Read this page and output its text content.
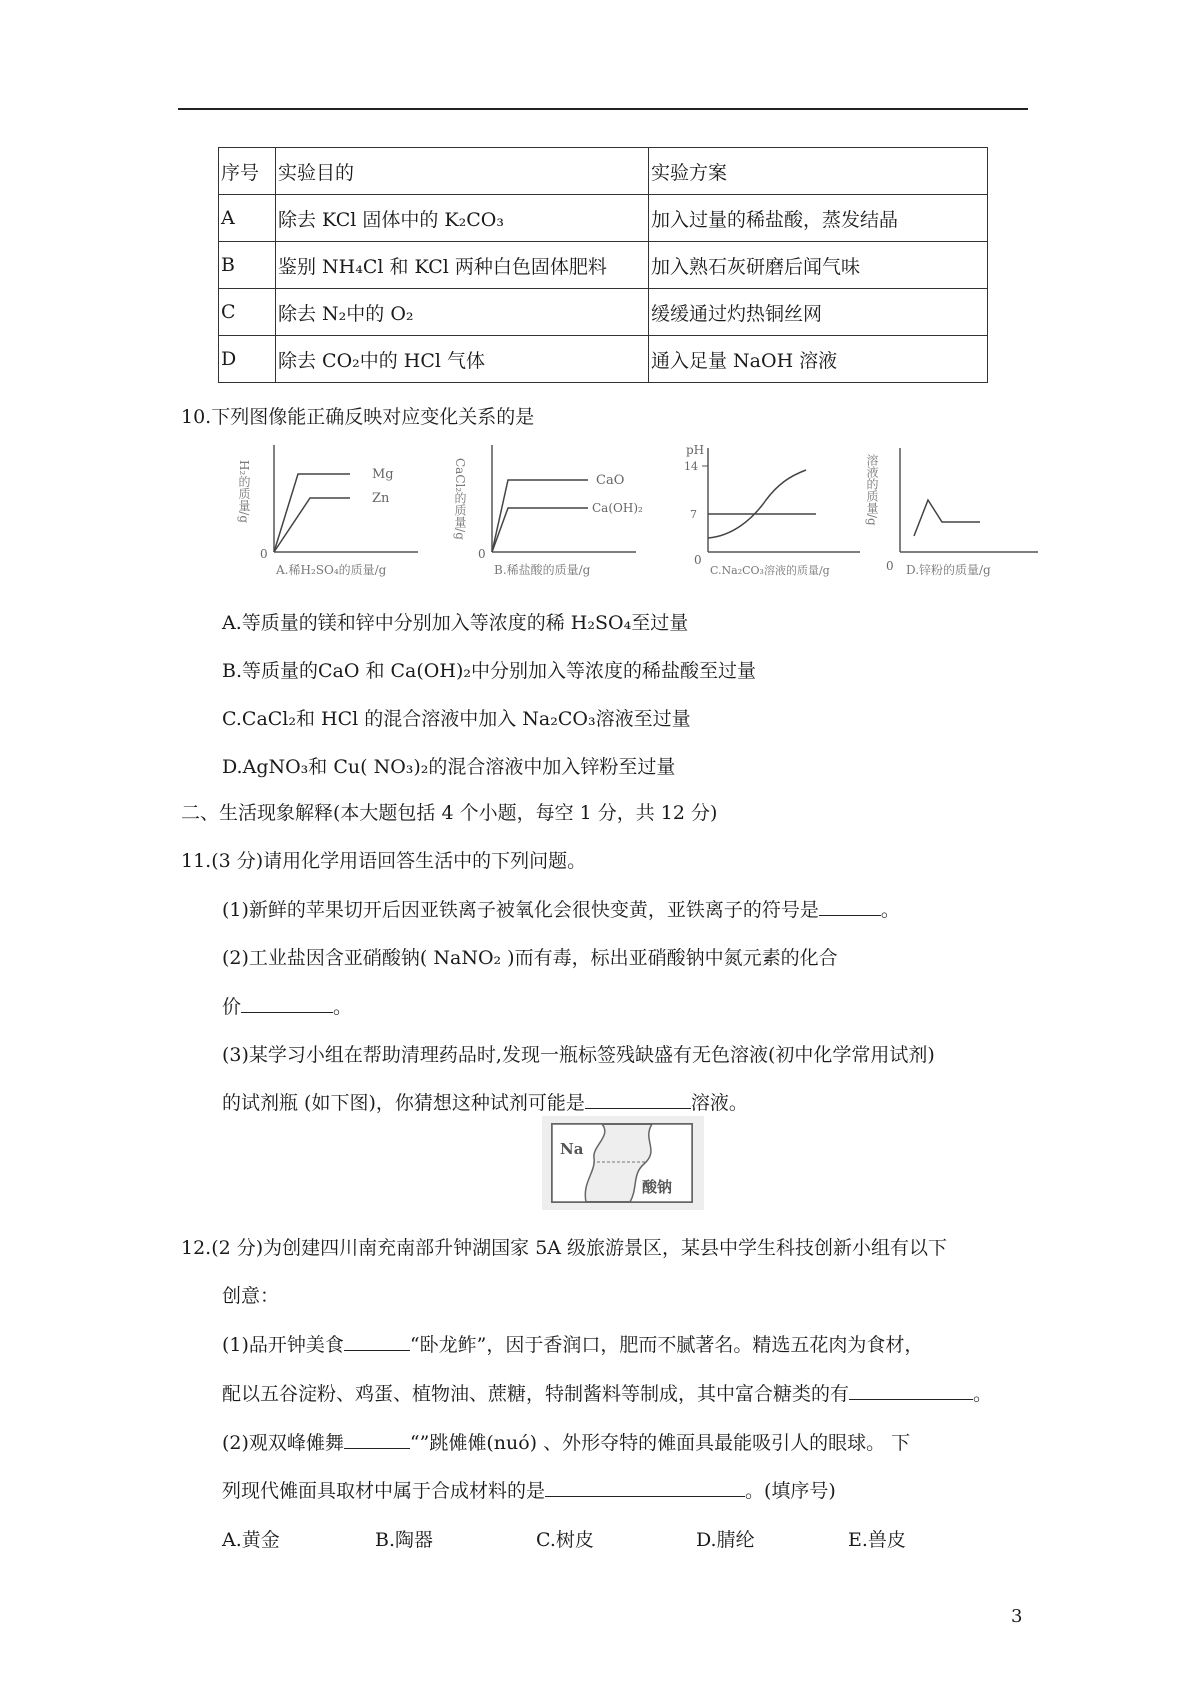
序号	实验目的	实验方案
A	除去 KCl 固体中的 K₂CO₃	加入过量的稀盐酸，蒸发结晶
B	鉴别 NH₄Cl 和 KCl 两种白色固体肥料	加入熟石灰研磨后闻气味
C	除去 N₂中的 O₂	缓缓通过灼热铜丝网
D	除去 CO₂中的 HCl 气体	通入足量 NaOH 溶液
10.下列图像能正确反映对应变化关系的是
H₂的质量/g
0
Mg
Zn
A.稀H₂SO₄的质量/g
CaCl₂的质量/g
0
CaO
Ca(OH)₂
B.稀盐酸的质量/g
pH
14
7
0
C.Na₂CO₃溶液的质量/g
溶液的质量/g
0 D.锌粉的质量/g
A.等质量的镁和锌中分别加入等浓度的稀 H₂SO₄至过量
B.等质量的CaO 和 Ca(OH)₂中分别加入等浓度的稀盐酸至过量
C.CaCl₂和 HCl 的混合溶液中加入 Na₂CO₃溶液至过量
D.AgNO₃和 Cu( NO₃)₂的混合溶液中加入锌粉至过量
二、生活现象解释(本大题包括 4 个小题，每空 1 分，共 12 分)
11.(3 分)请用化学用语回答生活中的下列问题。
(1)新鲜的苹果切开后因亚铁离子被氧化会很快变黄，亚铁离子的符号是	。
(2)工业盐因含亚硝酸钠( NaNO₂ )而有毒，标出亚硝酸钠中氮元素的化合
价	。
(3)某学习小组在帮助清理药品时,发现一瓶标签残缺盛有无色溶液(初中化学常用试剂)
的试剂瓶 (如下图)，你猜想这种试剂可能是	溶液。
Na
酸钠
12.(2 分)为创建四川南充南部升钟湖国家 5A 级旅游景区，某县中学生科技创新小组有以下
创意：
(1)品开钟美食	“卧龙鲊”，因于香润口，肥而不腻著名。精选五花肉为食材，
配以五谷淀粉、鸡蛋、植物油、蔗糖，特制酱料等制成，其中富合糖类的有	。
(2)观双峰傩舞	“”跳傩傩(nuó) 、外形夺特的傩面具最能吸引人的眼球。 下
列现代傩面具取材中属于合成材料的是	。(填序号)
A.黄金	B.陶器	C.树皮	D.腈纶	E.兽皮
3
